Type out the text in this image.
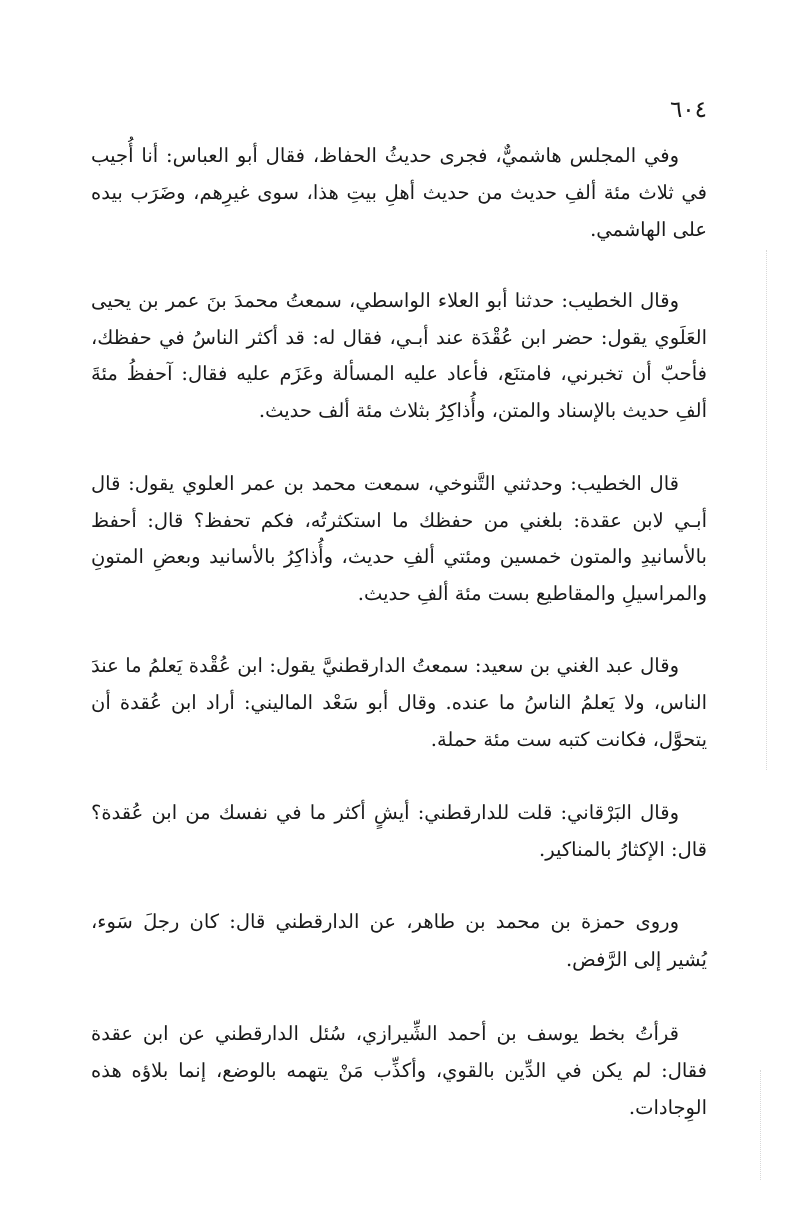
٦٠٤

وفي المجلس هاشميٌّ، فجرى حديثُ الحفاظ، فقال أبو العباس: أنا أُجيب في ثلاث مئة ألفِ حديث من حديث أهلِ بيتِ هذا، سوى غيرِهم، وضَرَب بيده على الهاشمي.

وقال الخطيب: حدثنا أبو العلاء الواسطي، سمعتُ محمدَ بنَ عمر بن يحيى العَلَوي يقول: حضر ابن عُقْدَة عند أبـي، فقال له: قد أكثر الناسُ في حفظك، فأحبّ أن تخبرني، فامتنَع، فأعاد عليه المسألة وعَزَم عليه فقال: آحفظُ مئةَ ألفِ حديث بالإسناد والمتن، وأُذاكِرُ بثلاث مئة ألف حديث.

قال الخطيب: وحدثني التَّنوخي، سمعت محمد بن عمر العلوي يقول: قال أبـي لابن عقدة: بلغني من حفظك ما استكثرتُه، فكم تحفظ؟ قال: أحفظ بالأسانيدِ والمتون خمسين ومئتي ألفِ حديث، وأُذاكِرُ بالأسانيد وبعضِ المتونِ والمراسيلِ والمقاطيع بست مئة ألفِ حديث.

وقال عبد الغني بن سعيد: سمعتُ الدارقطنيَّ يقول: ابن عُقْدة يَعلمُ ما عندَ الناس، ولا يَعلمُ الناسُ ما عنده. وقال أبو سَعْد الماليني: أراد ابن عُقدة أن يتحوَّل، فكانت كتبه ست مئة حملة.

وقال البَرْقاني: قلت للدارقطني: أيشٍ أكثر ما في نفسك من ابن عُقدة؟ قال: الإكثارُ بالمناكير.

وروى حمزة بن محمد بن طاهر، عن الدارقطني قال: كان رجلَ سَوء، يُشير إلى الرَّفض.

قرأتُ بخط يوسف بن أحمد الشِّيرازي، سُئل الدارقطني عن ابن عقدة فقال: لم يكن في الدِّين بالقوي، وأكذِّب مَنْ يتهمه بالوضع، إنما بلاؤه هذه الوِجادات.
